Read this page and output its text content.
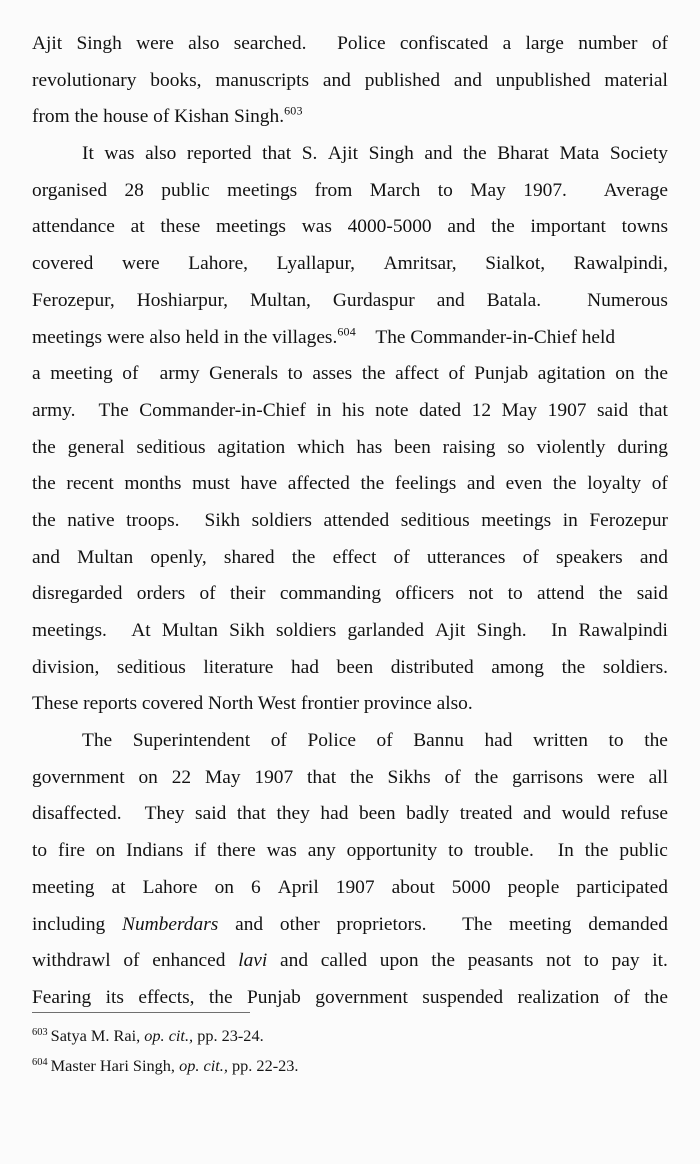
Ajit Singh were also searched. Police confiscated a large number of
revolutionary books, manuscripts and published and unpublished material
from the house of Kishan Singh.$^{603}$
It was also reported that S. Ajit Singh and the Bharat Mata Society
organised 28 public meetings from March to May 1907. Average
attendance at these meetings was 4000-5000 and the important towns
covered were Lahore, Lyallapur, Amritsar, Sialkot, Rawalpindi,
Ferozepur, Hoshiarpur, Multan, Gurdaspur and Batala. Numerous
meetings were also held in the villages.$^{604}$ The Commander-in-Chief held
a meeting of army Generals to asses the affect of Punjab agitation on the
army. The Commander-in-Chief in his note dated 12 May 1907 said that
the general seditious agitation which has been raising so violently during
the recent months must have affected the feelings and even the loyalty of
the native troops. Sikh soldiers attended seditious meetings in Ferozepur
and Multan openly, shared the effect of utterances of speakers and
disregarded orders of their commanding officers not to attend the said
meetings. At Multan Sikh soldiers garlanded Ajit Singh. In Rawalpindi
division, seditious literature had been distributed among the soldiers.
These reports covered North West frontier province also.
The Superintendent of Police of Bannu had written to the
government on 22 May 1907 that the Sikhs of the garrisons were all
disaffected. They said that they had been badly treated and would refuse
to fire on Indians if there was any opportunity to trouble. In the public
meeting at Lahore on 6 April 1907 about 5000 people participated
including Numberdars and other proprietors. The meeting demanded
withdrawl of enhanced lavi and called upon the peasants not to pay it.
Fearing its effects, the Punjab government suspended realization of the
$^{603}$ Satya M. Rai, op. cit., pp. 23-24.
$^{604}$ Master Hari Singh, op. cit., pp. 22-23.
